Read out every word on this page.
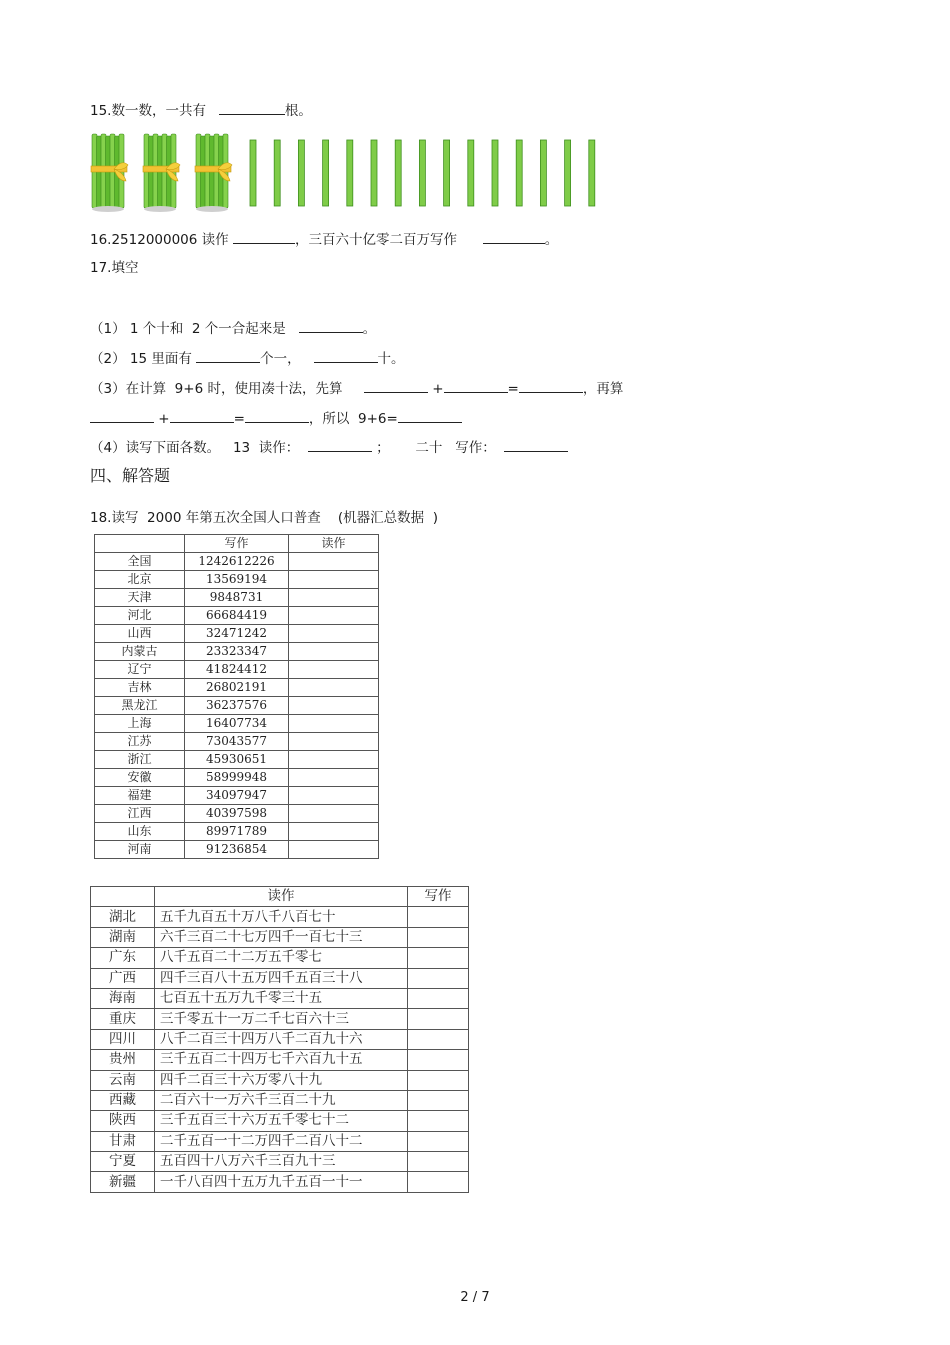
15.数一数，一共有	根。
16.2512000006 读作	，三百六十亿零二百万写作	。
17.填空
（1） 1 个十和  2 个一合起来是	。
（2） 15 里面有	个一，	十。
（3）在计算  9+6 时，使用凑十法，先算	+	=	，再算
+	=	，所以  9+6=
（4）读写下面各数。   13  读作：	； 二十   写作：
四、解答题
18.读写  2000 年第五次全国人口普查    (机器汇总数据  )
	写作	读作
全国	1242612226	
北京	13569194	
天津	9848731	
河北	66684419	
山西	32471242	
内蒙古	23323347	
辽宁	41824412	
吉林	26802191	
黑龙江	36237576	
上海	16407734	
江苏	73043577	
浙江	45930651	
安徽	58999948	
福建	34097947	
江西	40397598	
山东	89971789	
河南	91236854	
	读作	写作
湖北	五千九百五十万八千八百七十	
湖南	六千三百二十七万四千一百七十三	
广东	八千五百二十二万五千零七	
广西	四千三百八十五万四千五百三十八	
海南	七百五十五万九千零三十五	
重庆	三千零五十一万二千七百六十三	
四川	八千二百三十四万八千二百九十六	
贵州	三千五百二十四万七千六百九十五	
云南	四千二百三十六万零八十九	
西藏	二百六十一万六千三百二十九	
陕西	三千五百三十六万五千零七十二	
甘肃	二千五百一十二万四千二百八十二	
宁夏	五百四十八万六千三百九十三	
新疆	一千八百四十五万九千五百一十一	
2 / 7
